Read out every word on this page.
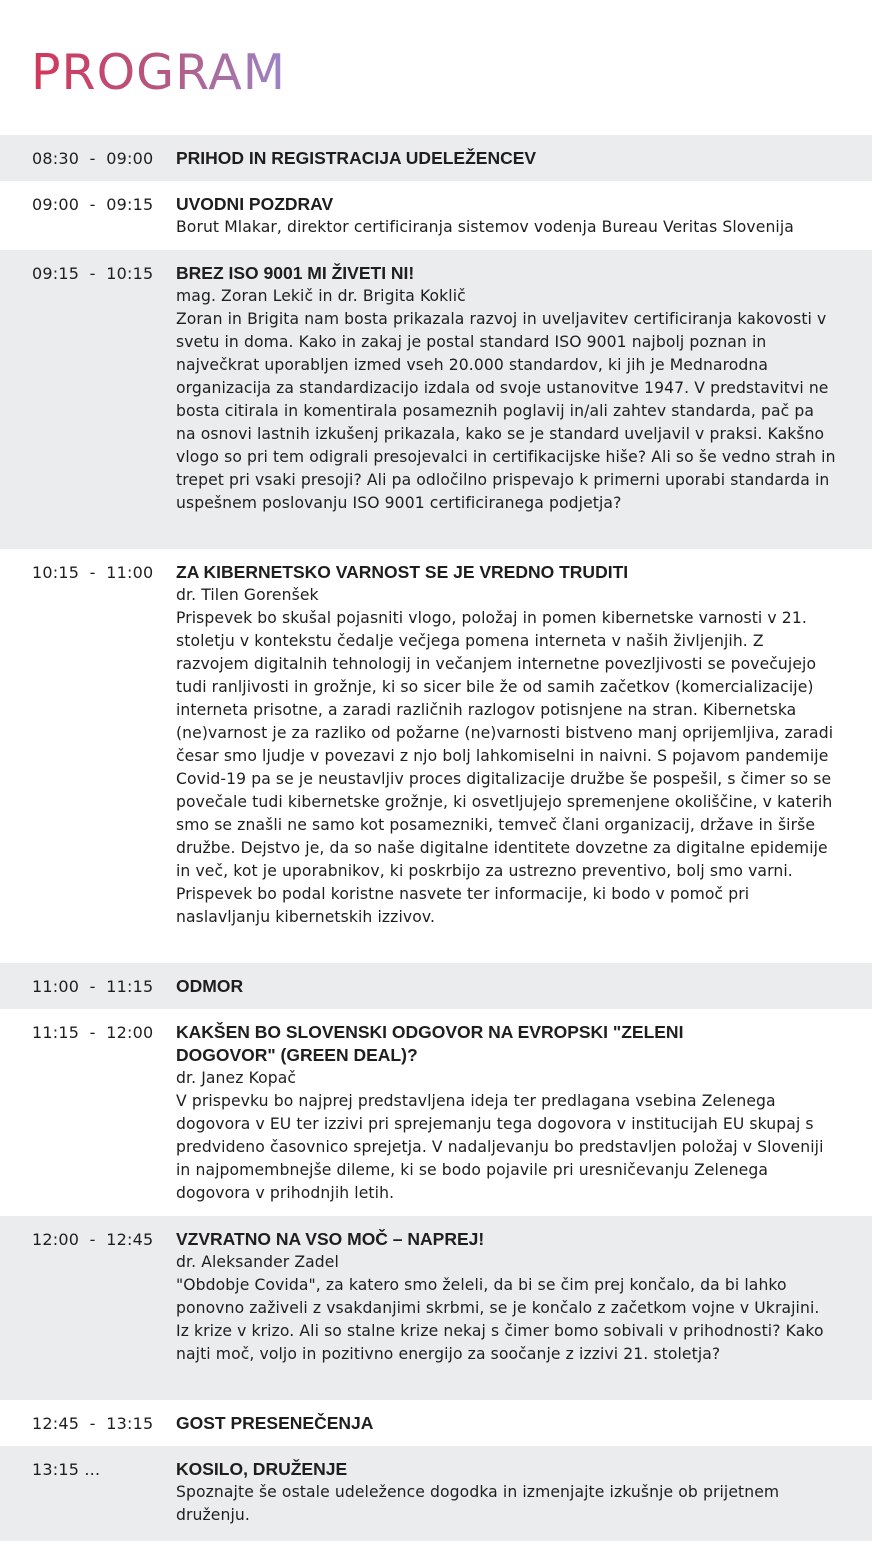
PROGRAM
08:30  -  09:00	PRIHOD IN REGISTRACIJA UDELEŽENCEV
09:00  -  09:15	UVODNI POZDRAV
Borut Mlakar, direktor certificiranja sistemov vodenja Bureau Veritas Slovenija
09:15  -  10:15	BREZ ISO 9001 MI ŽIVETI NI!
mag. Zoran Lekič in dr. Brigita Koklič
Zoran in Brigita nam bosta prikazala razvoj in uveljavitev certificiranja kakovosti v svetu in doma. Kako in zakaj je postal standard ISO 9001 najbolj poznan in največkrat uporabljen izmed vseh 20.000 standardov, ki jih je Mednarodna organizacija za standardizacijo izdala od svoje ustanovitve 1947. V predstavitvi ne bosta citirala in komentirala posameznih poglavij in/ali zahtev standarda, pač pa na osnovi lastnih izkušenj prikazala, kako se je standard uveljavil v praksi. Kakšno vlogo so pri tem odigrali presojevalci in certifikacijske hiše? Ali so še vedno strah in trepet pri vsaki presoji? Ali pa odločilno prispevajo k primerni uporabi standarda in uspešnem poslovanju ISO 9001 certificiranega podjetja?
10:15  -  11:00	ZA KIBERNETSKO VARNOST SE JE VREDNO TRUDITI
dr. Tilen Gorenšek
Prispevek bo skušal pojasniti vlogo, položaj in pomen kibernetske varnosti v 21. stoletju v kontekstu čedalje večjega pomena interneta v naših življenjih. Z razvojem digitalnih tehnologij in večanjem internetne povezljivosti se povečujejo tudi ranljivosti in grožnje, ki so sicer bile že od samih začetkov (komercializacije) interneta prisotne, a zaradi različnih razlogov potisnjene na stran. Kibernetska (ne)varnost je za razliko od požarne (ne)varnosti bistveno manj oprijemljiva, zaradi česar smo ljudje v povezavi z njo bolj lahkomiselni in naivni. S pojavom pandemije Covid-19 pa se je neustavljiv proces digitalizacije družbe še pospešil, s čimer so se povečale tudi kibernetske grožnje, ki osvetljujejo spremenjene okoliščine, v katerih smo se znašli ne samo kot posamezniki, temveč člani organizacij, države in širše družbe. Dejstvo je, da so naše digitalne identitete dovzetne za digitalne epidemije in več, kot je uporabnikov, ki poskrbijo za ustrezno preventivo, bolj smo varni. Prispevek bo podal koristne nasvete ter informacije, ki bodo v pomoč pri naslavljanju kibernetskih izzivov.
11:00  -  11:15	ODMOR
11:15  -  12:00	KAKŠEN BO SLOVENSKI ODGOVOR NA EVROPSKI "ZELENI DOGOVOR" (GREEN DEAL)?
dr. Janez Kopač
V prispevku bo najprej predstavljena ideja ter predlagana vsebina Zelenega dogovora v EU ter izzivi pri sprejemanju tega dogovora v institucijah EU skupaj s predvideno časovnico sprejetja. V nadaljevanju bo predstavljen položaj v Sloveniji in najpomembnejše dileme, ki se bodo pojavile pri uresničevanju Zelenega dogovora v prihodnjih letih.
12:00  -  12:45	VZVRATNO NA VSO MOČ – NAPREJ!
dr. Aleksander Zadel
"Obdobje Covida", za katero smo želeli, da bi se čim prej končalo, da bi lahko ponovno zaživeli z vsakdanjimi skrbmi, se je končalo z začetkom vojne v Ukrajini. Iz krize v krizo. Ali so stalne krize nekaj s čimer bomo sobivali v prihodnosti? Kako najti moč, voljo in pozitivno energijo za soočanje z izzivi 21. stoletja?
12:45  -  13:15	GOST PRESENEČENJA
13:15 ...	KOSILO, DRUŽENJE
Spoznajte še ostale udeležence dogodka in izmenjajte izkušnje ob prijetnem druženju.
